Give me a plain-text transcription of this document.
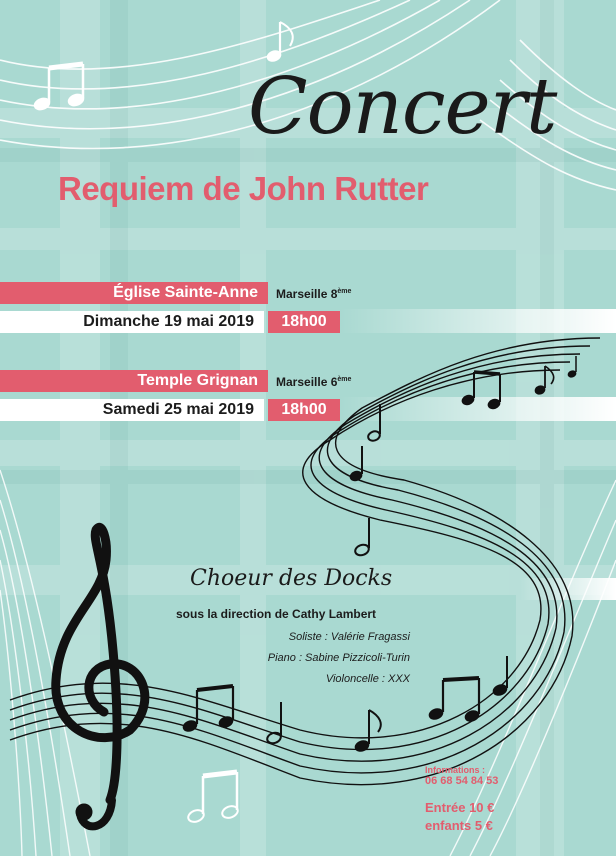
Concert
Requiem de John Rutter
Église Sainte-Anne	Marseille 8ème
Dimanche 19 mai 2019	18h00
Temple Grignan	Marseille 6ème
Samedi 25 mai 2019	18h00
Choeur des Docks
sous la direction de Cathy Lambert
Soliste : Valérie Fragassi
Piano : Sabine Pizzicoli-Turin
Violoncelle : XXX
Informations :
06 68 54 84 53
Entrée 10 €
enfants 5 €
